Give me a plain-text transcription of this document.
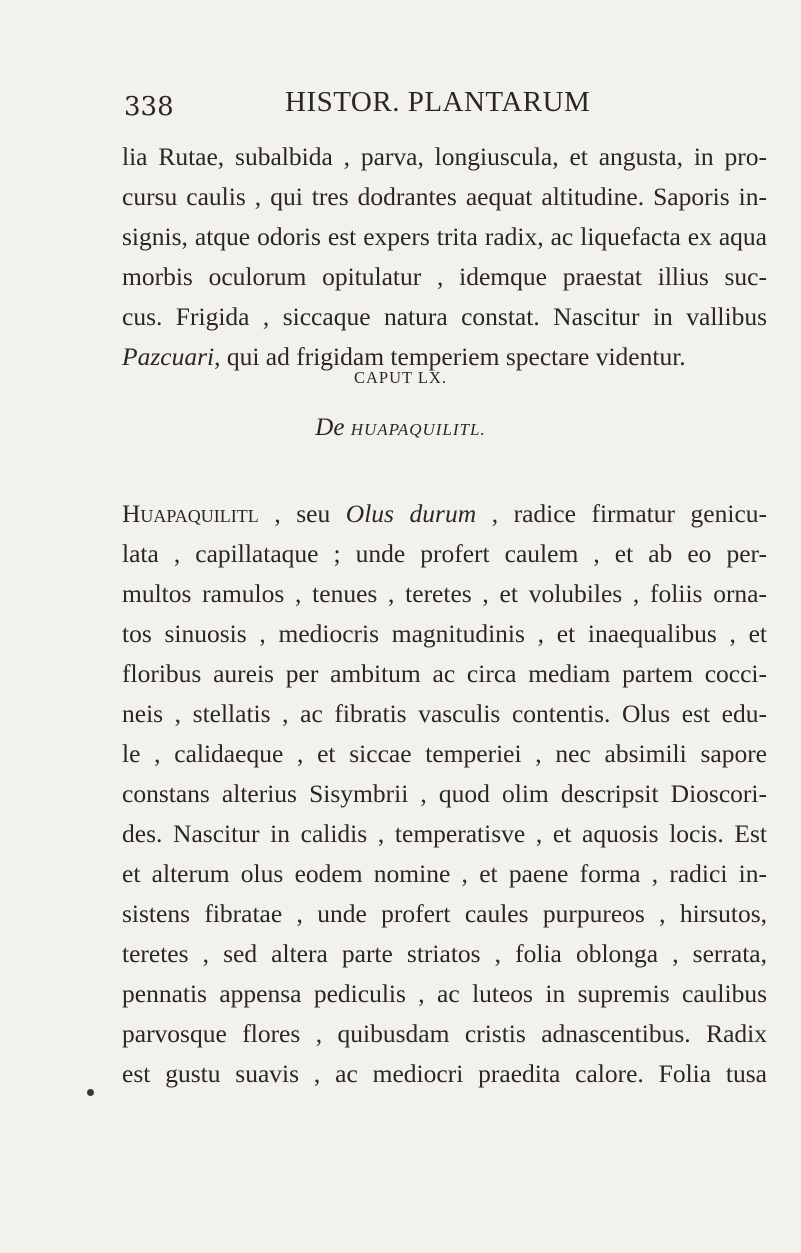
338	HISTOR. PLANTARUM
lia Rutae, subalbida , parva, longiuscula, et angusta, in pro-
cursu caulis , qui tres dodrantes aequat altitudine. Saporis in-
signis, atque odoris est expers trita radix, ac liquefacta ex aqua
morbis oculorum opitulatur , idemque praestat illius suc-
cus. Frigida , siccaque natura constat. Nascitur in vallibus
Pazcuari, qui ad frigidam temperiem spectare videntur.
CAPUT LX.
De HUAPAQUILITL.
Huapaquilitl , seu Olus durum , radice firmatur genicu-
lata , capillataque ; unde profert caulem , et ab eo per-
multos ramulos , tenues , teretes , et volubiles , foliis orna-
tos sinuosis , mediocris magnitudinis , et inaequalibus , et
floribus aureis per ambitum ac circa mediam partem cocci-
neis , stellatis , ac fibratis vasculis contentis. Olus est edu-
le , calidaeque , et siccae temperiei , nec absimili sapore
constans alterius Sisymbrii , quod olim descripsit Dioscori-
des. Nascitur in calidis , temperatisve , et aquosis locis. Est
et alterum olus eodem nomine , et paene forma , radici in-
sistens fibratae , unde profert caules purpureos , hirsutos,
teretes , sed altera parte striatos , folia oblonga , serrata,
pennatis appensa pediculis , ac luteos in supremis caulibus
parvosque flores , quibusdam cristis adnascentibus. Radix
est gustu suavis , ac mediocri praedita calore. Folia tusa
